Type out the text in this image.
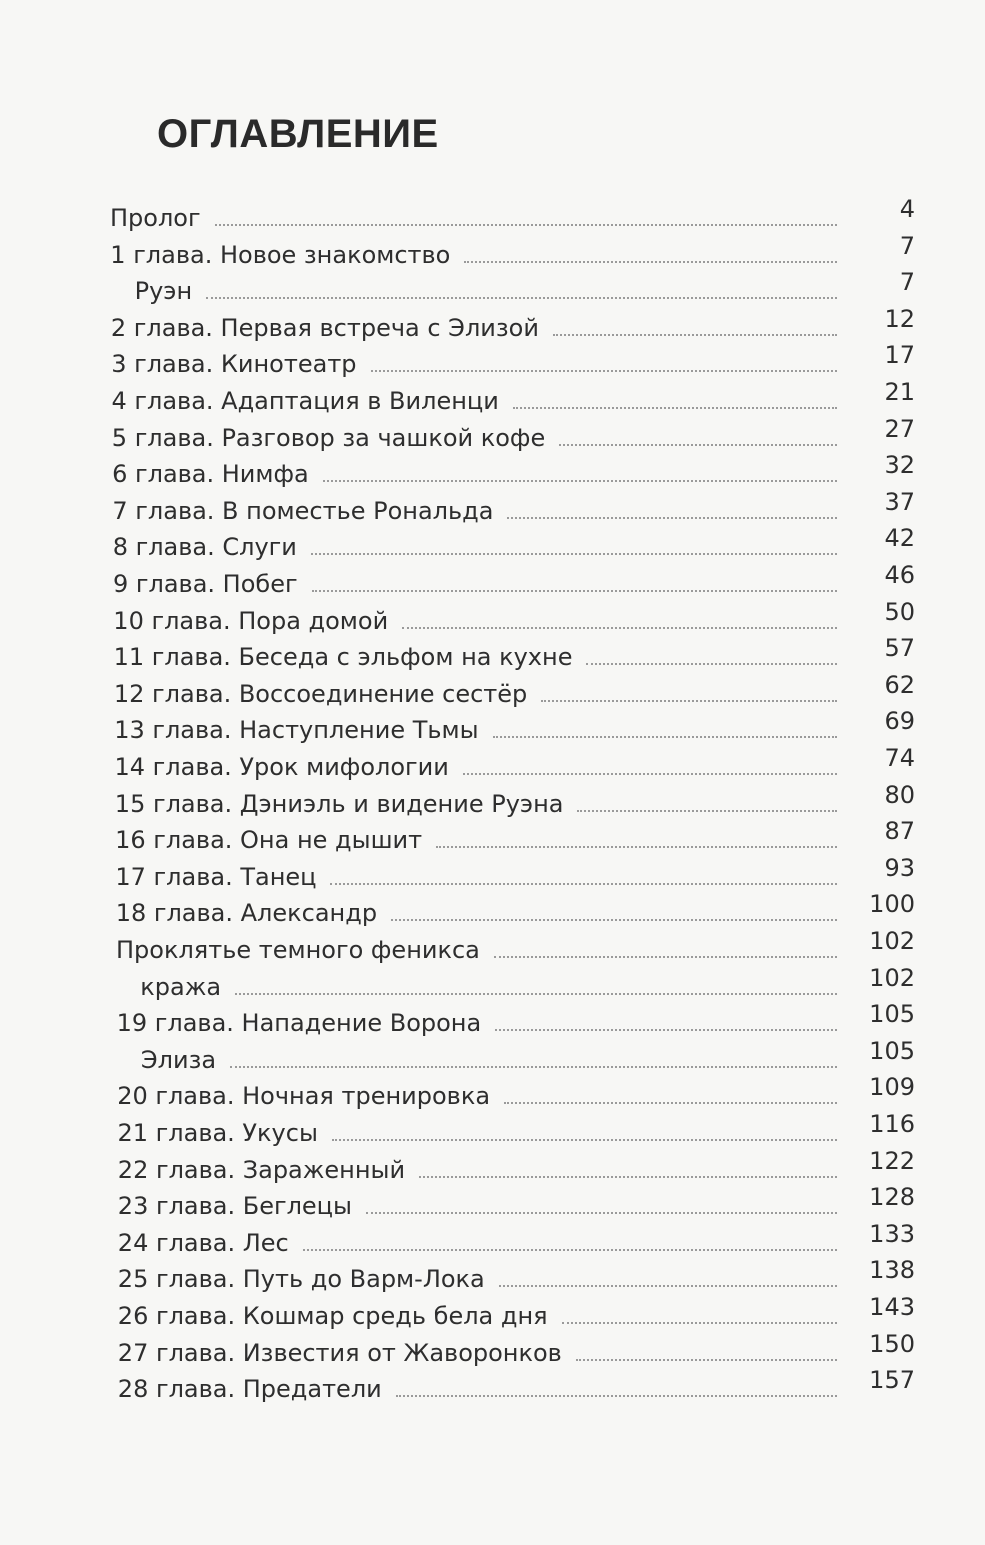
ОГЛАВЛЕНИЕ
Пролог	4
1 глава. Новое знакомство	7
Руэн	7
2 глава. Первая встреча с Элизой	12
3 глава. Кинотеатр	17
4 глава. Адаптация в Виленци	21
5 глава. Разговор за чашкой кофе	27
6 глава. Нимфа	32
7 глава. В поместье Рональда	37
8 глава. Слуги	42
9 глава. Побег	46
10 глава. Пора домой	50
11 глава. Беседа с эльфом на кухне	57
12 глава. Воссоединение сестёр	62
13 глава. Наступление Тьмы	69
14 глава. Урок мифологии	74
15 глава. Дэниэль и видение Руэна	80
16 глава. Она не дышит	87
17 глава. Танец	93
18 глава. Александр	100
Проклятье темного феникса	102
кража	102
19 глава. Нападение Ворона	105
Элиза	105
20 глава. Ночная тренировка	109
21 глава. Укусы	116
22 глава. Зараженный	122
23 глава. Беглецы	128
24 глава. Лес	133
25 глава. Путь до Варм-Лока	138
26 глава. Кошмар средь бела дня	143
27 глава. Известия от Жаворонков	150
28 глава. Предатели	157
